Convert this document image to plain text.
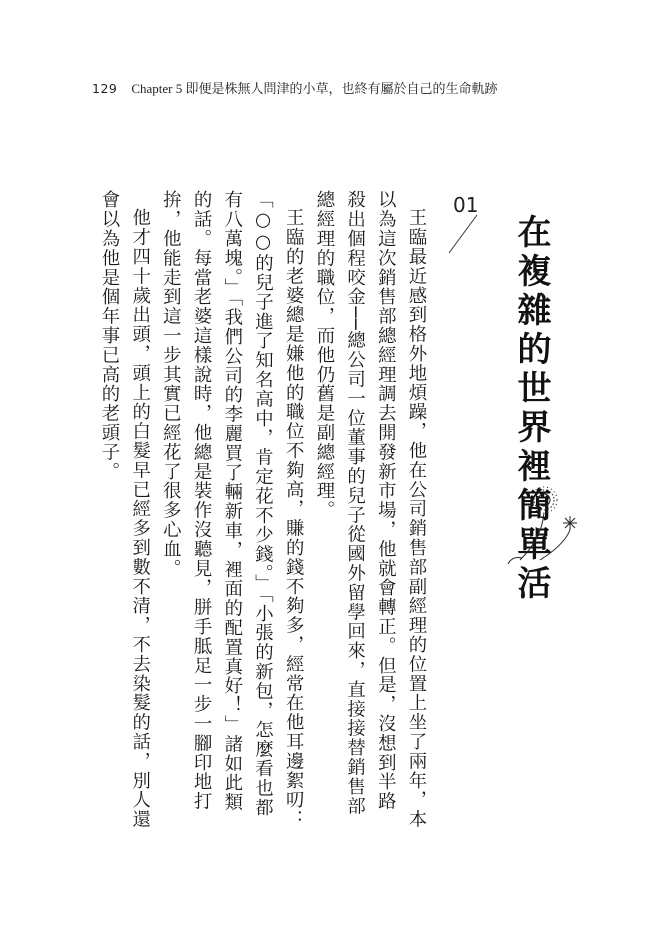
129 Chapter 5 即便是株無人問津的小草，也終有屬於自己的生命軌跡
在複雜的世界裡簡單活
01

王臨最近感到格外地煩躁，他在公司銷售部副經理的位置上坐了兩年，本以為這次銷售部總經理調去開發新市場，他就會轉正。但是，沒想到半路殺出個程咬金──總公司一位董事的兒子從國外留學回來，直接接替銷售部總經理的職位，而他仍舊是副總經理。

王臨的老婆總是嫌他的職位不夠高，賺的錢不夠多，經常在他耳邊絮叨：「○○的兒子進了知名高中，肯定花不少錢。」「小張的新包，怎麼看也都有八萬塊。」「我們公司的李麗買了輛新車，裡面的配置真好！」諸如此類的話。每當老婆這樣說時，他總是裝作沒聽見，胼手胝足一步一腳印地打拚，他能走到這一步其實已經花了很多心血。

他才四十歲出頭，頭上的白髮早已經多到數不清，不去染髮的話，別人還會以為他是個年事已高的老頭子。
